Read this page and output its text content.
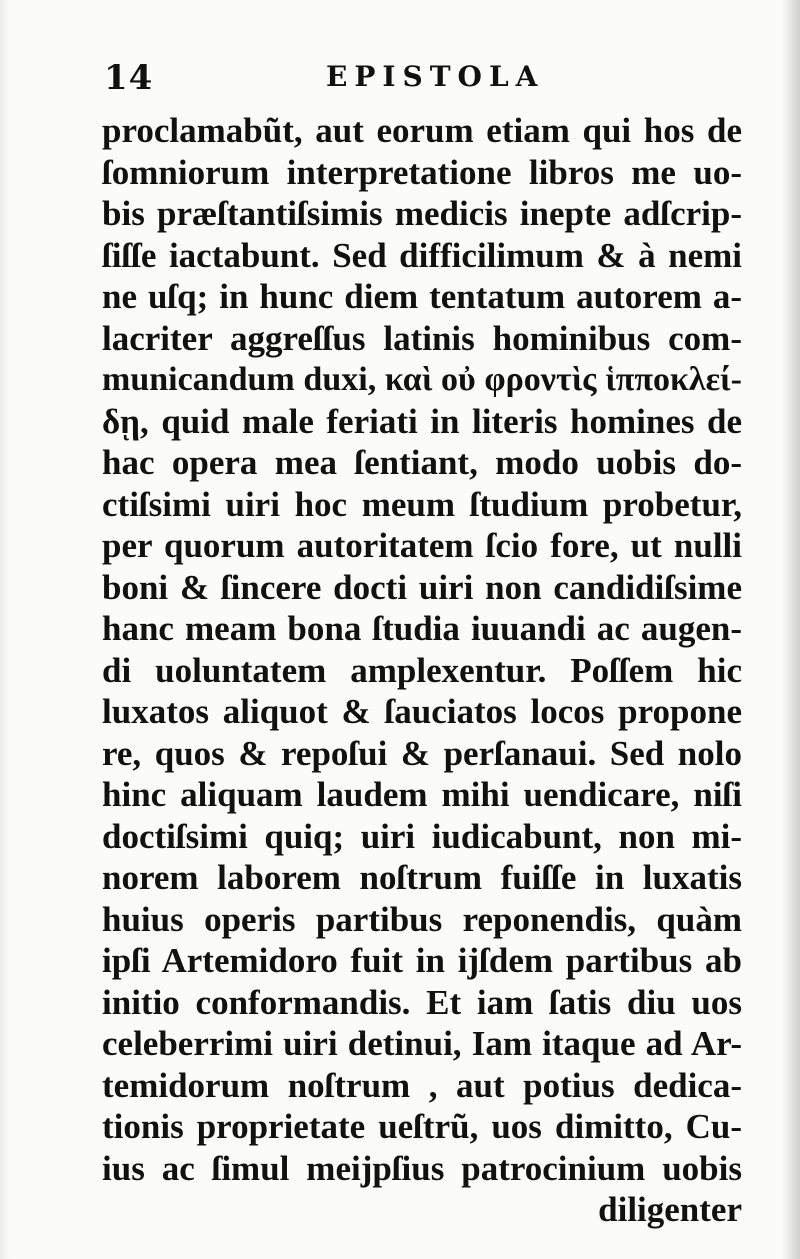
14	EPISTOLA
proclamabũt, aut eorum etiam qui hos de
ſomniorum interpretatione libros me uo-
bis præſtantiſsimis medicis inepte adſcrip-
ſiſſe iactabunt. Sed difficilimum & à nemi
ne uſq; in hunc diem tentatum autorem a-
lacriter aggreſſus latinis hominibus com-
municandum duxi, καὶ οὐ φροντὶς ἱπποκλεί-
δῃ, quid male feriati in literis homines de
hac opera mea ſentiant, modo uobis do-
ctiſsimi uiri hoc meum ſtudium probetur,
per quorum autoritatem ſcio fore, ut nulli
boni & ſincere docti uiri non candidiſsime
hanc meam bona ſtudia iuuandi ac augen-
di uoluntatem amplexentur. Poſſem hic
luxatos aliquot & ſauciatos locos propone
re, quos & repoſui & perſanaui. Sed nolo
hinc aliquam laudem mihi uendicare, niſi
doctiſsimi quiq; uiri iudicabunt, non mi-
norem laborem noſtrum fuiſſe in luxatis
huius operis partibus reponendis, quàm
ipſi Artemidoro fuit in ijſdem partibus ab
initio conformandis. Et iam ſatis diu uos
celeberrimi uiri detinui, Iam itaque ad Ar-
temidorum noſtrum , aut potius dedica-
tionis proprietate ueſtrũ, uos dimitto, Cu-
ius ac ſimul meijpſius patrocinium uobis
diligenter
